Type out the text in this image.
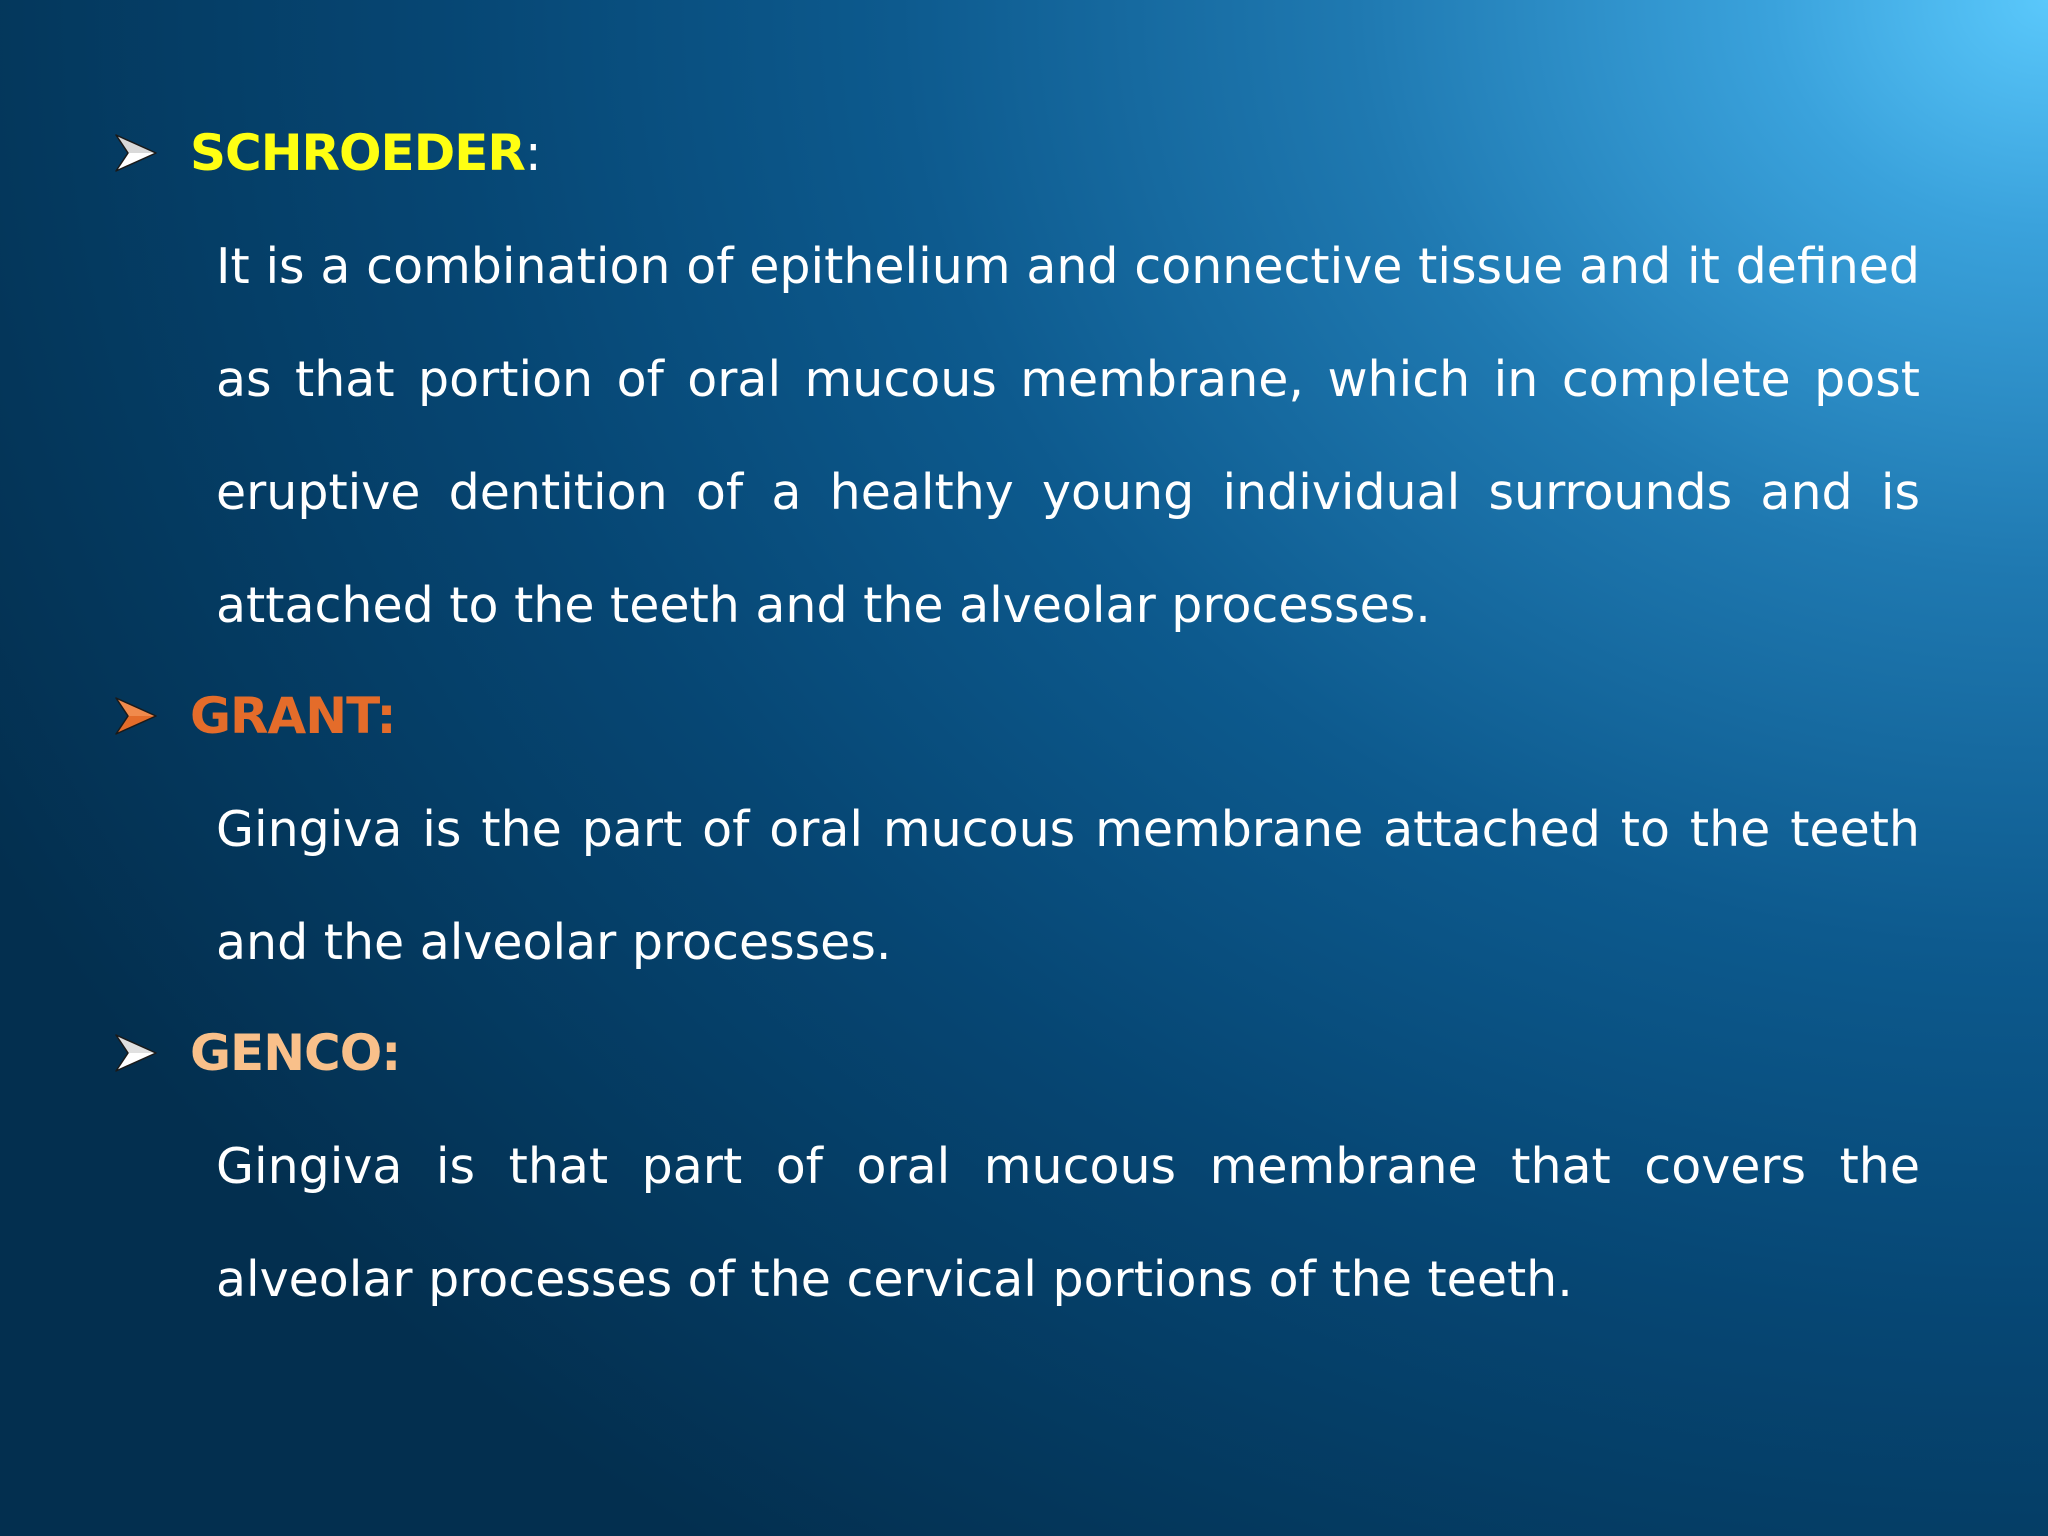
SCHROEDER :
It is a combination of epithelium and connective tissue and it defined as that portion of oral mucous membrane, which in complete post eruptive dentition of a healthy young individual surrounds and is attached to the teeth and the alveolar processes.
GRANT:
Gingiva is the part of oral mucous membrane attached to the teeth and the alveolar processes.
GENCO:
Gingiva is that part of oral mucous membrane that covers the alveolar processes of the cervical portions of the teeth.
